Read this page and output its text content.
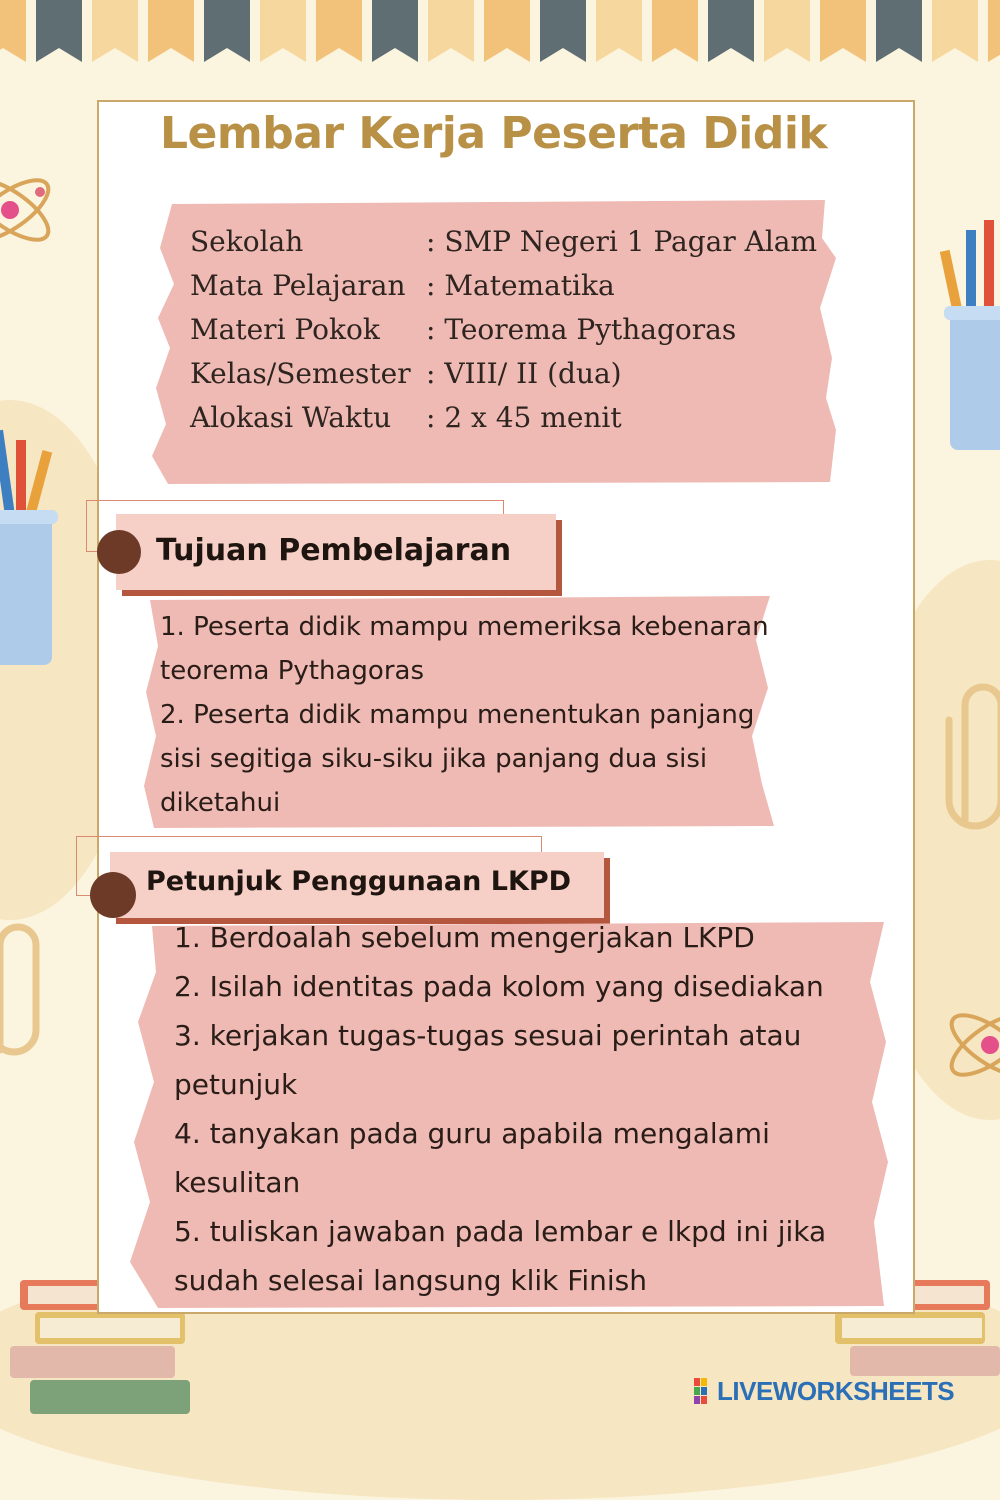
Lembar Kerja Peserta Didik
Sekolah	: SMP Negeri 1 Pagar Alam
Mata Pelajaran : Matematika
Materi Pokok	: Teorema Pythagoras
Kelas/Semester : VIII/ II (dua)
Alokasi Waktu	: 2 x 45 menit
Tujuan Pembelajaran
1. Peserta didik mampu memeriksa kebenaran
teorema Pythagoras
2. Peserta didik mampu menentukan panjang
sisi segitiga siku-siku jika panjang dua sisi
diketahui
Petunjuk Penggunaan LKPD
1. Berdoalah sebelum mengerjakan LKPD
2. Isilah identitas pada kolom yang disediakan
3. kerjakan tugas-tugas sesuai perintah atau
petunjuk
4. tanyakan pada guru apabila mengalami
kesulitan
5. tuliskan jawaban pada lembar e lkpd ini jika
sudah selesai langsung klik Finish
LIVEWORKSHEETS
